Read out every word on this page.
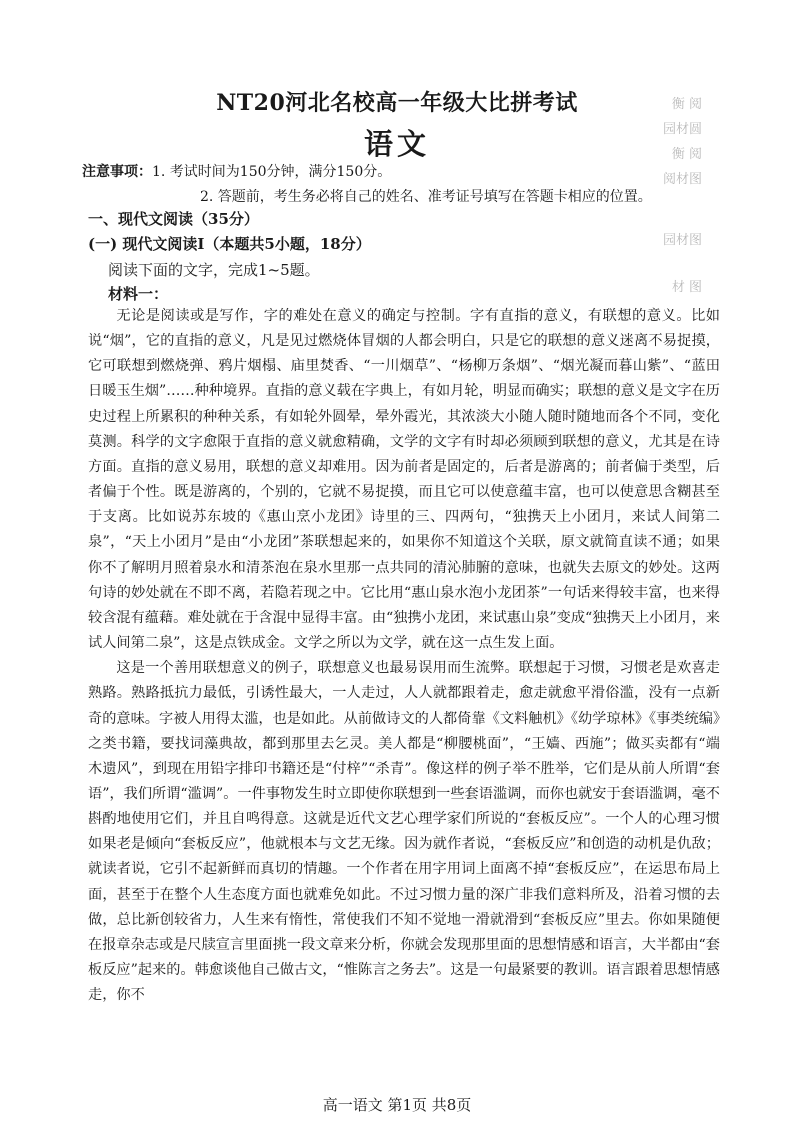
NT20河北名校高一年级大比拼考试
语文
衡 阅
园材圆
衡 阅
阅材图
园材图
材 图
注意事项：1. 考试时间为150分钟，满分150分。
2. 答题前，考生务必将自己的姓名、准考证号填写在答题卡相应的位置。
一、现代文阅读（35分）
(一) 现代文阅读Ⅰ（本题共5小题，18分）
阅读下面的文字，完成1~5题。
材料一：

无论是阅读或是写作，字的难处在意义的确定与控制。字有直指的意义，有联想的意义。比如说“烟”，它的直指的意义，凡是见过燃烧体冒烟的人都会明白，只是它的联想的意义迷离不易捉摸，它可联想到燃烧弹、鸦片烟榻、庙里焚香、“一川烟草”、“杨柳万条烟”、“烟光凝而暮山紫”、“蓝田日暖玉生烟”……种种境界。直指的意义载在字典上，有如月轮，明显而确实；联想的意义是文字在历史过程上所累积的种种关系，有如轮外圆晕，晕外霞光，其浓淡大小随人随时随地而各个不同，变化莫测。科学的文字愈限于直指的意义就愈精确，文学的文字有时却必须顾到联想的意义，尤其是在诗方面。直指的意义易用，联想的意义却难用。因为前者是固定的，后者是游离的；前者偏于类型，后者偏于个性。既是游离的，个别的，它就不易捉摸，而且它可以使意蕴丰富，也可以使意思含糊甚至于支离。比如说苏东坡的《惠山烹小龙团》诗里的三、四两句，“独携天上小团月，来试人间第二泉”，“天上小团月”是由“小龙团”茶联想起来的，如果你不知道这个关联，原文就简直读不通；如果你不了解明月照着泉水和清茶泡在泉水里那一点共同的清沁肺腑的意味，也就失去原文的妙处。这两句诗的妙处就在不即不离，若隐若现之中。它比用“惠山泉水泡小龙团茶”一句话来得较丰富，也来得较含混有蕴藉。难处就在于含混中显得丰富。由“独携小龙团，来试惠山泉”变成“独携天上小团月，来试人间第二泉”，这是点铁成金。文学之所以为文学，就在这一点生发上面。

这是一个善用联想意义的例子，联想意义也最易误用而生流弊。联想起于习惯，习惯老是欢喜走熟路。熟路抵抗力最低，引诱性最大，一人走过，人人就都跟着走，愈走就愈平滑俗滥，没有一点新奇的意味。字被人用得太滥，也是如此。从前做诗文的人都倚靠《文料触机》《幼学琼林》《事类统编》之类书籍，要找词藻典故，都到那里去乞灵。美人都是“柳腰桃面”，“王嫱、西施”；做买卖都有“端木遗风”，到现在用铅字排印书籍还是“付梓”“杀青”。像这样的例子举不胜举，它们是从前人所谓“套语”，我们所谓“滥调”。一件事物发生时立即使你联想到一些套语滥调，而你也就安于套语滥调，毫不斟酌地使用它们，并且自鸣得意。这就是近代文艺心理学家们所说的“套板反应”。一个人的心理习惯如果老是倾向“套板反应”，他就根本与文艺无缘。因为就作者说，“套板反应”和创造的动机是仇敌；就读者说，它引不起新鲜而真切的情趣。一个作者在用字用词上面离不掉“套板反应”，在运思布局上面，甚至于在整个人生态度方面也就难免如此。不过习惯力量的深广非我们意料所及，沿着习惯的去做，总比新创较省力，人生来有惰性，常使我们不知不觉地一滑就滑到“套板反应”里去。你如果随便在报章杂志或是尺牍宣言里面挑一段文章来分析，你就会发现那里面的思想情感和语言，大半都由“套板反应”起来的。韩愈谈他自己做古文，“惟陈言之务去”。这是一句最紧要的教训。语言跟着思想情感走，你不

高一语文 第1页 共8页
